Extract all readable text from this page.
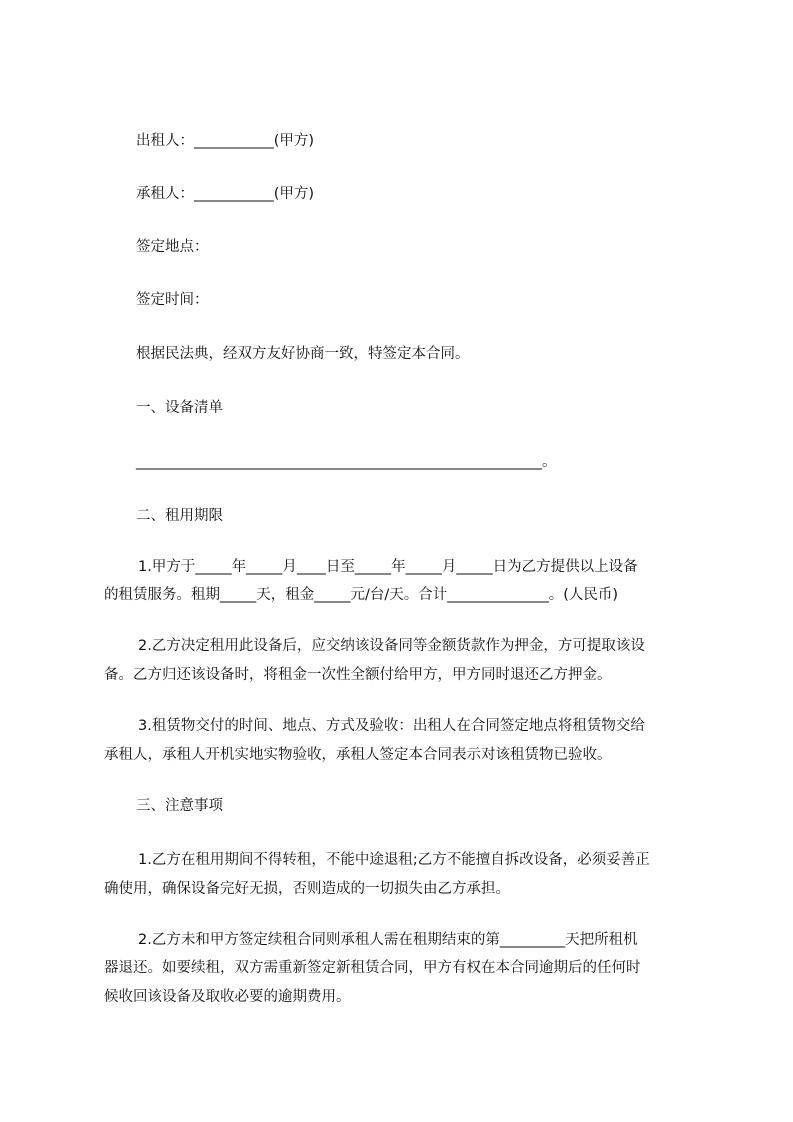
出租人：___________(甲方)
承租人：___________(甲方)
签定地点：
签定时间：
根据民法典，经双方友好协商一致，特签定本合同。
一、设备清单
________________________________________________________。
二、租用期限
1.甲方于_____年_____月____日至_____年_____月_____日为乙方提供以上设备
的租赁服务。租期_____天，租金_____元/台/天。合计______________。(人民币)
2.乙方决定租用此设备后，应交纳该设备同等金额货款作为押金，方可提取该设
备。乙方归还该设备时，将租金一次性全额付给甲方，甲方同时退还乙方押金。
3.租赁物交付的时间、地点、方式及验收：出租人在合同签定地点将租赁物交给
承租人，承租人开机实地实物验收，承租人签定本合同表示对该租赁物已验收。
三、注意事项
1.乙方在租用期间不得转租，不能中途退租;乙方不能擅自拆改设备，必须妥善正
确使用，确保设备完好无损，否则造成的一切损失由乙方承担。
2.乙方未和甲方签定续租合同则承租人需在租期结束的第_________天把所租机
器退还。如要续租，双方需重新签定新租赁合同，甲方有权在本合同逾期后的任何时
候收回该设备及取收必要的逾期费用。
